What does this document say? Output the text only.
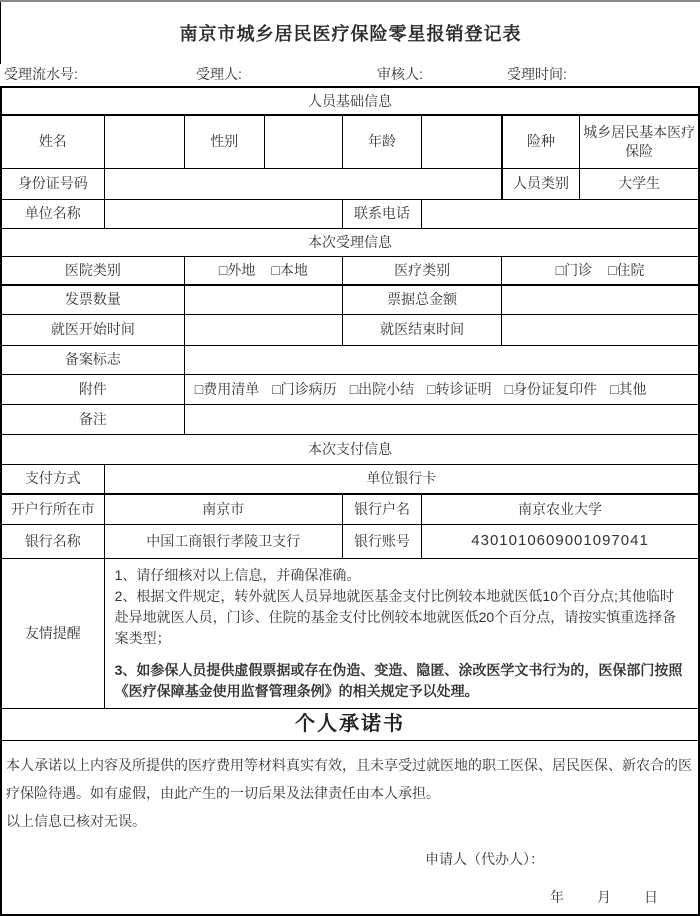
南京市城乡居民医疗保险零星报销登记表
受理流水号:	受理人:	审核人:	受理时间:
人员基础信息							
姓名		性别		年龄		险种	城乡居民基本医疗保险
身份证号码						人员类别	大学生
单位名称				联系电话			
本次受理信息							
医院类别		□外地 □本地		医疗类别		□门诊 □住院	

发票数量				票据总金额			
就医开始时间				就医结束时间			
备案标志							
附件	□费用清单 □门诊病历 □出院小结 □转诊证明 □身份证复印件 □其他

备注							
本次支付信息							
支付方式	单位银行卡						
开户行所在市	南京市			银行户名	南京农业大学		
银行名称	中国工商银行孝陵卫支行			银行账号	4301010609001097041		
友情提醒	1、请仔细核对以上信息，并确保准确。
2、根据文件规定，转外就医人员异地就医基金支付比例较本地就医低10个百分点;其他临时赴异地就医人员，门诊、住院的基金支付比例较本地就医低20个百分点，请按实慎重选择备案类型；
3、如参保人员提供虚假票据或存在伪造、变造、隐匿、涂改医学文书行为的，医保部门按照《医疗保障基金使用监督管理条例》的相关规定予以处理。						

个人承诺书							

本人承诺以上内容及所提供的医疗费用等材料真实有效，且未享受过就医地的职工医保、居民医保、新农合的医疗保险待遇。如有虚假，由此产生的一切后果及法律责任由本人承担。
以上信息已核对无误。
申请人（代办人）：
年 月 日
